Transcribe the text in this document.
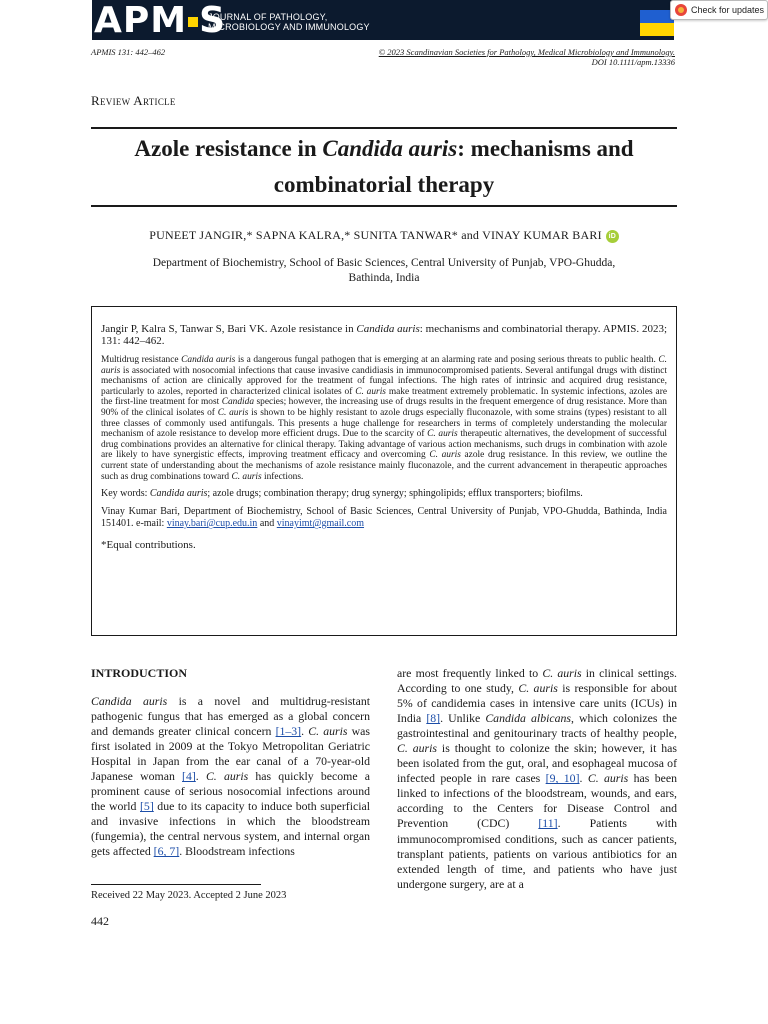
APM S
JOURNAL OF PATHOLOGY,
MICROBIOLOGY AND IMMUNOLOGY
Check for updates
APMIS 131: 442–462	© 2023 Scandinavian Societies for Pathology, Medical Microbiology and Immunology.
DOI 10.1111/apm.13336
Review Article
Azole resistance in Candida auris: mechanisms and
combinatorial therapy
PUNEET JANGIR,* SAPNA KALRA,* SUNITA TANWAR* and VINAY KUMAR BARI iD
Department of Biochemistry, School of Basic Sciences, Central University of Punjab, VPO-Ghudda,
Bathinda, India

Jangir P, Kalra S, Tanwar S, Bari VK. Azole resistance in Candida auris: mechanisms and combinatorial therapy. APMIS. 2023; 131: 442–462.

Multidrug resistance Candida auris is a dangerous fungal pathogen that is emerging at an alarming rate and posing serious threats to public health. C. auris is associated with nosocomial infections that cause invasive candidiasis in immunocompromised patients. Several antifungal drugs with distinct mechanisms of action are clinically approved for the treatment of fungal infections. The high rates of intrinsic and acquired drug resistance, particularly to azoles, reported in characterized clinical isolates of C. auris make treatment extremely problematic. In systemic infections, azoles are the first-line treatment for most Candida species; however, the increasing use of drugs results in the frequent emergence of drug resistance. More than 90% of the clinical isolates of C. auris is shown to be highly resistant to azole drugs especially fluconazole, with some strains (types) resistant to all three classes of commonly used antifungals. This presents a huge challenge for researchers in terms of completely understanding the molecular mechanism of azole resistance to develop more efficient drugs. Due to the scarcity of C. auris therapeutic alternatives, the development of successful drug combinations provides an alternative for clinical therapy. Taking advantage of various action mechanisms, such drugs in combination with azole are likely to have synergistic effects, improving treatment efficacy and overcoming C. auris azole drug resistance. In this review, we outline the current state of understanding about the mechanisms of azole resistance mainly fluconazole, and the current advancement in therapeutic approaches such as drug combinations toward C. auris infections.

Key words: Candida auris; azole drugs; combination therapy; drug synergy; sphingolipids; efflux transporters; biofilms.

Vinay Kumar Bari, Department of Biochemistry, School of Basic Sciences, Central University of Punjab, VPO-Ghudda, Bathinda, India 151401. e-mail: vinay.bari@cup.edu.in and vinayimt@gmail.com

*Equal contributions.

INTRODUCTION

Candida auris is a novel and multidrug-resistant pathogenic fungus that has emerged as a global concern and demands greater clinical concern [1–3]. C. auris was first isolated in 2009 at the Tokyo Metropolitan Geriatric Hospital in Japan from the ear canal of a 70-year-old Japanese woman [4]. C. auris has quickly become a prominent cause of serious nosocomial infections around the world [5] due to its capacity to induce both superficial and invasive infections in which the bloodstream (fungemia), the central nervous system, and internal organ gets affected [6, 7]. Bloodstream infections

are most frequently linked to C. auris in clinical settings. According to one study, C. auris is responsible for about 5% of candidemia cases in intensive care units (ICUs) in India [8]. Unlike Candida albicans, which colonizes the gastrointestinal and genitourinary tracts of healthy people, C. auris is thought to colonize the skin; however, it has been isolated from the gut, oral, and esophageal mucosa of infected people in rare cases [9, 10]. C. auris has been linked to infections of the bloodstream, wounds, and ears, according to the Centers for Disease Control and Prevention (CDC) [11]. Patients with immunocompromised conditions, such as cancer patients, transplant patients, patients on various antibiotics for an extended length of time, and patients who have just undergone surgery, are at a

Received 22 May 2023. Accepted 2 June 2023
442
